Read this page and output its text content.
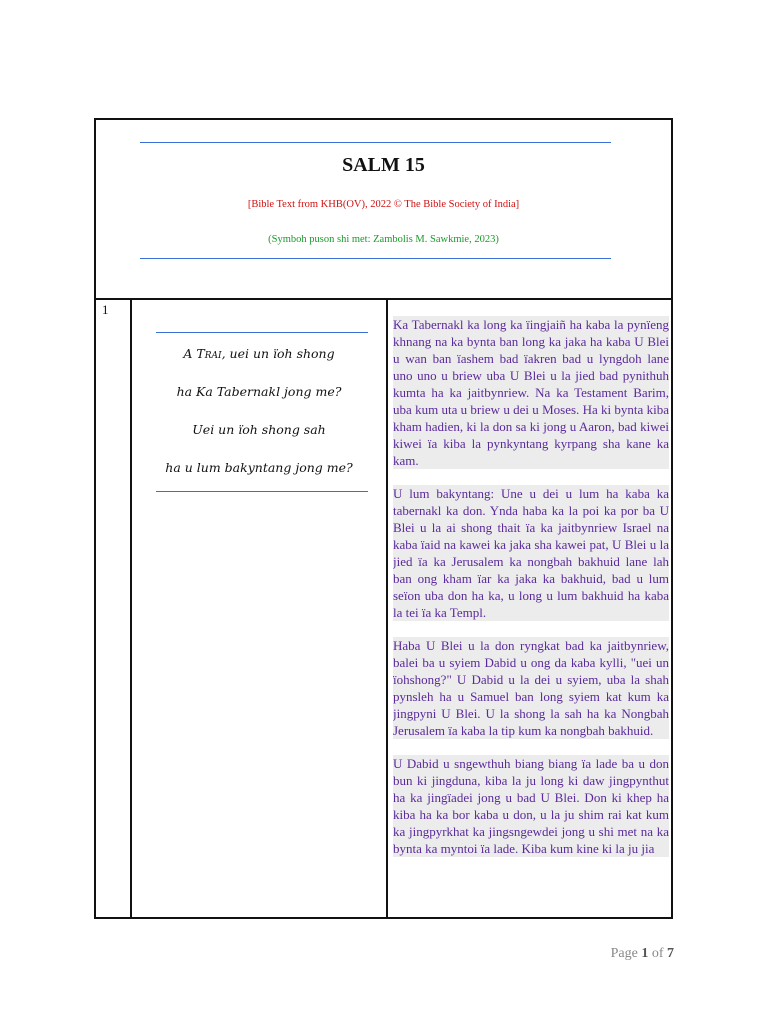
SALM 15
[Bible Text from KHB(OV), 2022 © The Bible Society of India]
(Symboh puson shi met: Zambolis M. Sawkmie, 2023)
1
A Trai, uei un ïoh shong
ha Ka Tabernakl jong me?
Uei un ïoh shong sah
ha u lum bakyntang jong me?

Ka Tabernakl ka long ka ïingjaiñ ha kaba la pynïeng khnang na ka bynta ban long ka jaka ha kaba U Blei u wan ban ïashem bad ïakren bad u lyngdoh lane uno uno u briew uba U Blei u la jied bad pynithuh kumta ha ka jaitbynriew. Na ka Testament Barim, uba kum uta u briew u dei u Moses. Ha ki bynta kiba kham hadien, ki la don sa ki jong u Aaron, bad kiwei kiwei ïa kiba la pynkyntang kyrpang sha kane ka kam.

U lum bakyntang: Une u dei u lum ha kaba ka tabernakl ka don. Ynda haba ka la poi ka por ba U Blei u la ai shong thait ïa ka jaitbynriew Israel na kaba ïaid na kawei ka jaka sha kawei pat, U Blei u la jied ïa ka Jerusalem ka nongbah bakhuid lane lah ban ong kham ïar ka jaka ka bakhuid, bad u lum seïon uba don ha ka, u long u lum bakhuid ha kaba la tei ïa ka Templ.

Haba U Blei u la don ryngkat bad ka jaitbynriew, balei ba u syiem Dabid u ong da kaba kylli, "uei un ïohshong?" U Dabid u la dei u syiem, uba la shah pynsleh ha u Samuel ban long syiem kat kum ka jingpyni U Blei. U la shong la sah ha ka Nongbah Jerusalem ïa kaba la tip kum ka nongbah bakhuid.

U Dabid u sngewthuh biang biang ïa lade ba u don bun ki jingduna, kiba la ju long ki daw jingpynthut ha ka jingïadei jong u bad U Blei. Don ki khep ha kiba ha ka bor kaba u don, u la ju shim rai kat kum ka jingpyrkhat ka jingsngewdei jong u shi met na ka bynta ka myntoi ïa lade. Kiba kum kine ki la ju jia

Page 1 of 7
